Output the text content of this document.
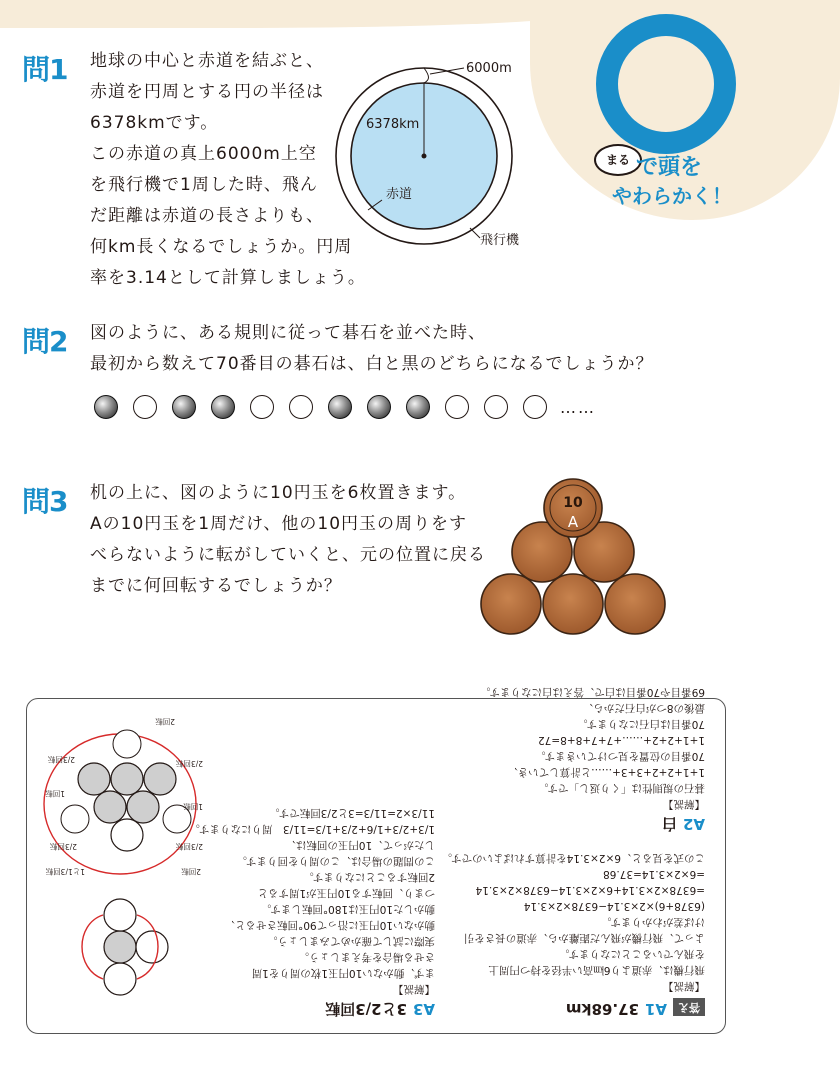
まる で頭を
やわらかく！
問1 地球の中心と赤道を結ぶと、
赤道を円周とする円の半径は
6378kmです。
この赤道の真上6000m上空
を飛行機で1周した時、飛ん
だ距離は赤道の長さよりも、
何km長くなるでしょうか。円周
率を3.14として計算しましょう。
6000m
6378km
赤道
飛行機
問2 図のように、ある規則に従って碁石を並べた時、
最初から数えて70番目の碁石は、白と黒のどちらになるでしょうか？
……
問3 机の上に、図のように10円玉を6枚置きます。
Aの10円玉を1周だけ、他の10円玉の周りをす
べらないように転がしていくと、元の位置に戻る
までに何回転するでしょうか？
10
A
答えA137.68km
【解説】
飛行機は、赤道より6㎞高い半径を持つ円周上
を飛んでいることになります。
よって、飛行機が飛んだ距離から、赤道の長さを引
けば差がわかります。
(6378+6)×2×3.14−6378×2×3.14
=6378×2×3.14+6×2×3.14−6378×2×3.14
=6×2×3.14=37.68
この式を見ると、6×2×3.14を計算すればよいのです。
A2白
【解説】
碁石の規則性は「くり返し」です。
1+1+2+2+3+3+……と計算していき、
70番目の位置を見つけていきます。
1+1+2+2+……+7+7+8+8=72
70番目は白石になります。
最後の8つが白石だから、
69番目や70番目は白で、答えは白になります。
A33と2/3回転
【解説】
まず、動かない10円玉1枚の周りを1周
させる場合を考えましょう。
実際に試して確かめてみましょう。
動かない10円玉に沿って90°回転させると、
動かした10円玉は180°回転します。
つまり、回転する10円玉が1周すると
2回転することになります。
この問題の場合は、この周りを回ります。
したがって、10円玉の回転は、
1/3+2/3+1/6+2/3+1/3=11/3　周りになります。
11/3×2=11/3=3と2/3回転です。
2回転
1と1/3回転
2/3回転
2/3回転
1回転
1回転
2/3回転
2/3回転
2回転
